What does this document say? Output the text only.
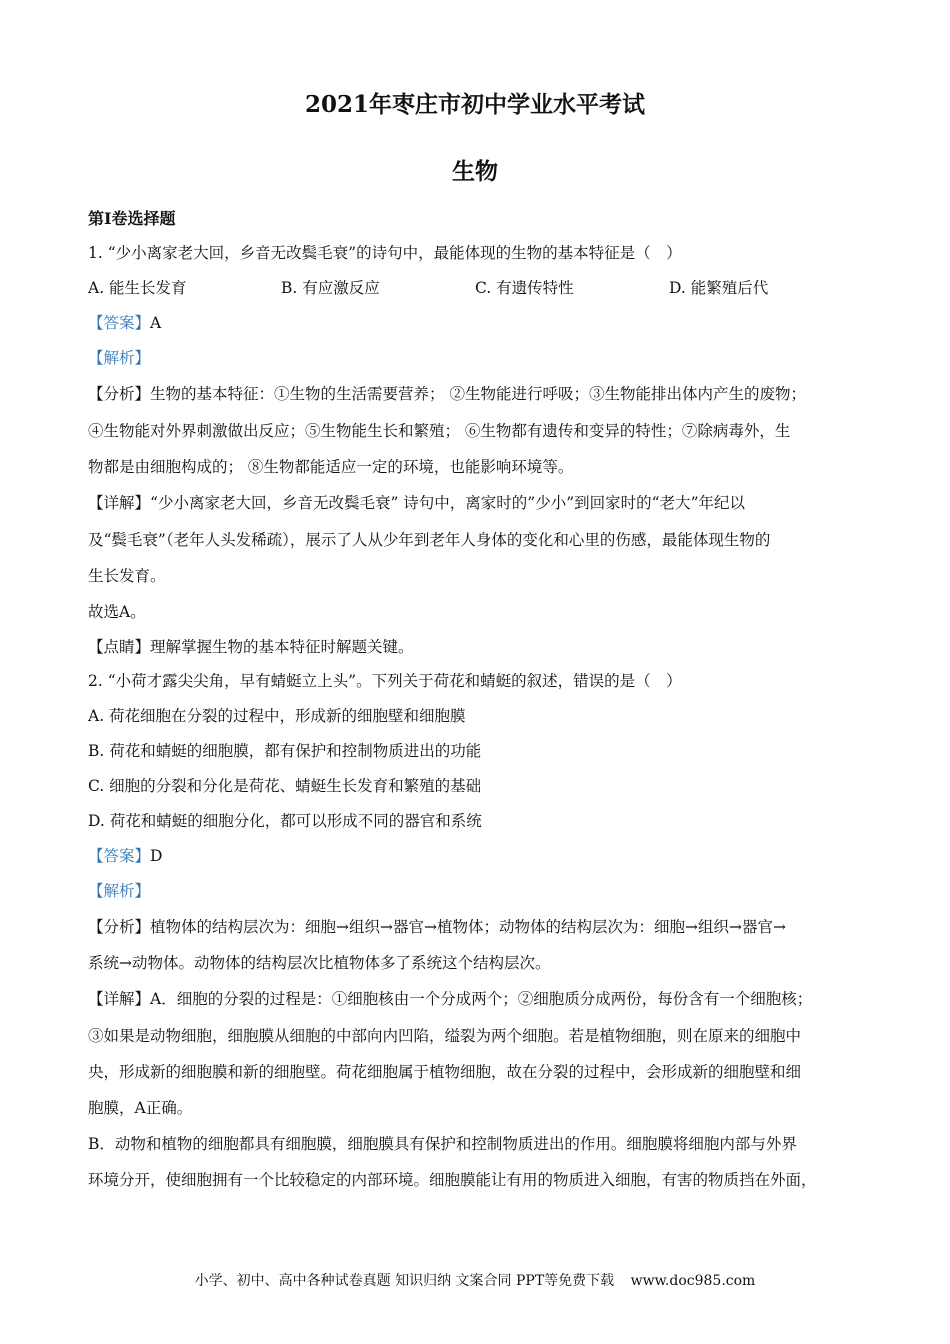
2021年枣庄市初中学业水平考试
生物
第Ⅰ卷选择题
1. “少小离家老大回，乡音无改鬓毛衰”的诗句中，最能体现的生物的基本特征是（　）
A. 能生长发育	B. 有应激反应	C. 有遗传特性	D. 能繁殖后代
【答案】A
【解析】
【分析】生物的基本特征：①生物的生活需要营养； ②生物能进行呼吸；③生物能排出体内产生的废物；
④生物能对外界刺激做出反应；⑤生物能生长和繁殖； ⑥生物都有遗传和变异的特性；⑦除病毒外，生
物都是由细胞构成的； ⑧生物都能适应一定的环境，也能影响环境等。
【详解】“少小离家老大回，乡音无改鬓毛衰” 诗句中，离家时的”少小”到回家时的“老大”年纪以
及“鬓毛衰”（老年人头发稀疏），展示了人从少年到老年人身体的变化和心里的伤感，最能体现生物的
生长发育。
故选A。
【点睛】理解掌握生物的基本特征时解题关键。
2. “小荷才露尖尖角，早有蜻蜓立上头”。下列关于荷花和蜻蜓的叙述，错误的是（　）
A. 荷花细胞在分裂的过程中，形成新的细胞壁和细胞膜
B. 荷花和蜻蜓的细胞膜，都有保护和控制物质进出的功能
C. 细胞的分裂和分化是荷花、蜻蜓生长发育和繁殖的基础
D. 荷花和蜻蜓的细胞分化，都可以形成不同的器官和系统
【答案】D
【解析】
【分析】植物体的结构层次为：细胞→组织→器官→植物体；动物体的结构层次为：细胞→组织→器官→
系统→动物体。动物体的结构层次比植物体多了系统这个结构层次。
【详解】A．细胞的分裂的过程是：①细胞核由一个分成两个；②细胞质分成两份，每份含有一个细胞核；
③如果是动物细胞，细胞膜从细胞的中部向内凹陷，缢裂为两个细胞。若是植物细胞，则在原来的细胞中
央，形成新的细胞膜和新的细胞壁。荷花细胞属于植物细胞，故在分裂的过程中，会形成新的细胞壁和细
胞膜，A正确。
B．动物和植物的细胞都具有细胞膜，细胞膜具有保护和控制物质进出的作用。细胞膜将细胞内部与外界
环境分开，使细胞拥有一个比较稳定的内部环境。细胞膜能让有用的物质进入细胞，有害的物质挡在外面，
小学、初中、高中各种试卷真题 知识归纳 文案合同 PPT等免费下载 www.doc985.com
